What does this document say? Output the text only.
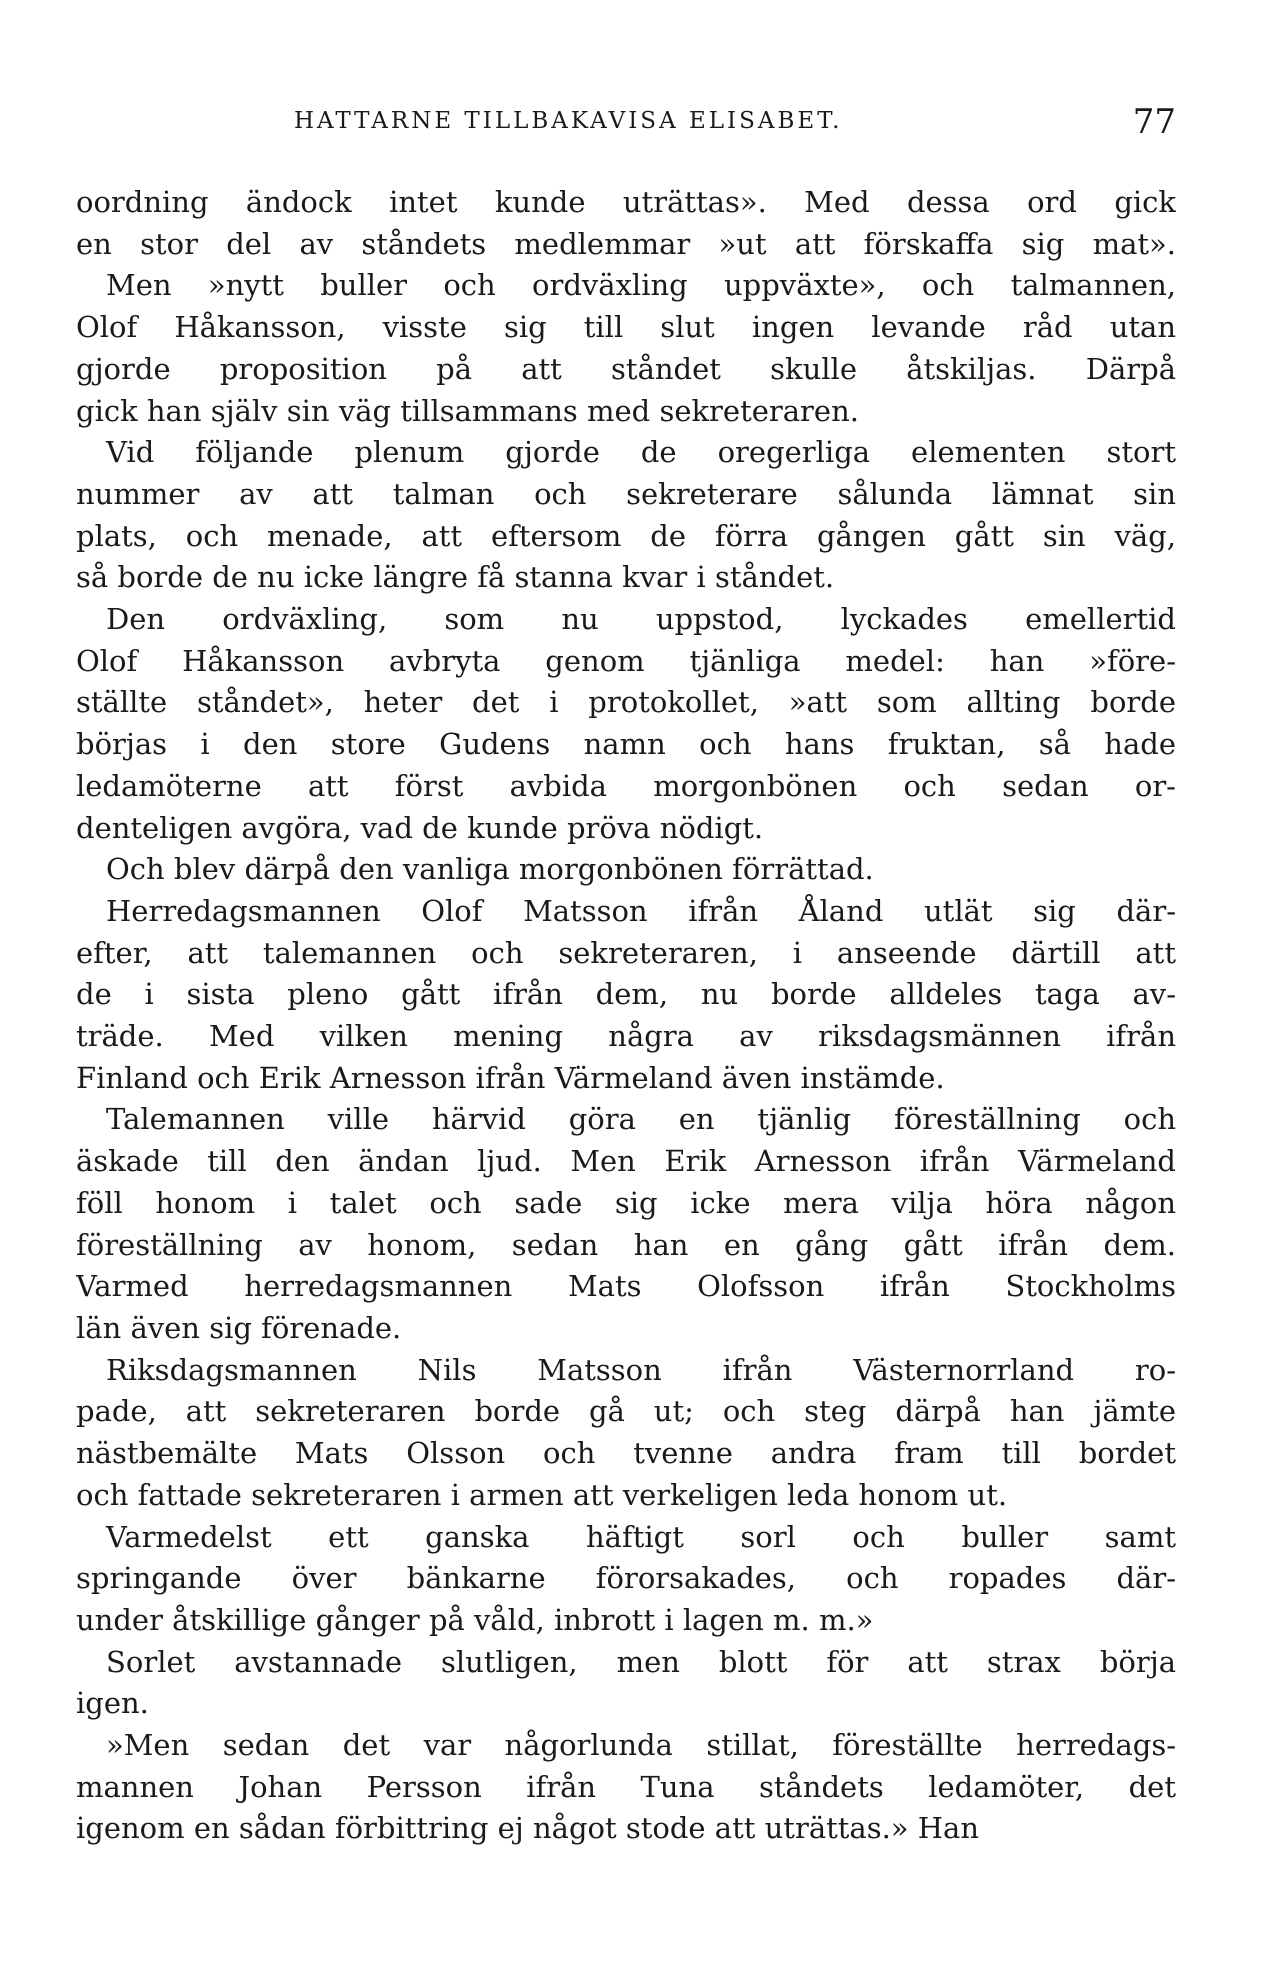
HATTARNE TILLBAKAVISA ELISABET.	77
oordning ändock intet kunde uträttas». Med dessa ord gick
en stor del av ståndets medlemmar »ut att förskaffa sig mat».
Men »nytt buller och ordväxling uppväxte», och talmannen,
Olof Håkansson, visste sig till slut ingen levande råd utan
gjorde proposition på att ståndet skulle åtskiljas. Därpå
gick han själv sin väg tillsammans med sekreteraren.
Vid följande plenum gjorde de oregerliga elementen stort
nummer av att talman och sekreterare sålunda lämnat sin
plats, och menade, att eftersom de förra gången gått sin väg,
så borde de nu icke längre få stanna kvar i ståndet.
Den ordväxling, som nu uppstod, lyckades emellertid
Olof Håkansson avbryta genom tjänliga medel: han »före-
ställte ståndet», heter det i protokollet, »att som allting borde
börjas i den store Gudens namn och hans fruktan, så hade
ledamöterne att först avbida morgonbönen och sedan or-
denteligen avgöra, vad de kunde pröva nödigt.
Och blev därpå den vanliga morgonbönen förrättad.
Herredagsmannen Olof Matsson ifrån Åland utlät sig där-
efter, att talemannen och sekreteraren, i anseende därtill att
de i sista pleno gått ifrån dem, nu borde alldeles taga av-
träde. Med vilken mening några av riksdagsmännen ifrån
Finland och Erik Arnesson ifrån Värmeland även instämde.
Talemannen ville härvid göra en tjänlig föreställning och
äskade till den ändan ljud. Men Erik Arnesson ifrån Värmeland
föll honom i talet och sade sig icke mera vilja höra någon
föreställning av honom, sedan han en gång gått ifrån dem.
Varmed herredagsmannen Mats Olofsson ifrån Stockholms
län även sig förenade.
Riksdagsmannen Nils Matsson ifrån Västernorrland ro-
pade, att sekreteraren borde gå ut; och steg därpå han jämte
nästbemälte Mats Olsson och tvenne andra fram till bordet
och fattade sekreteraren i armen att verkeligen leda honom ut.
Varmedelst ett ganska häftigt sorl och buller samt
springande över bänkarne förorsakades, och ropades där-
under åtskillige gånger på våld, inbrott i lagen m. m.»
Sorlet avstannade slutligen, men blott för att strax börja
igen.
»Men sedan det var någorlunda stillat, föreställte herredags-
mannen Johan Persson ifrån Tuna ståndets ledamöter, det
igenom en sådan förbittring ej något stode att uträttas.» Han
